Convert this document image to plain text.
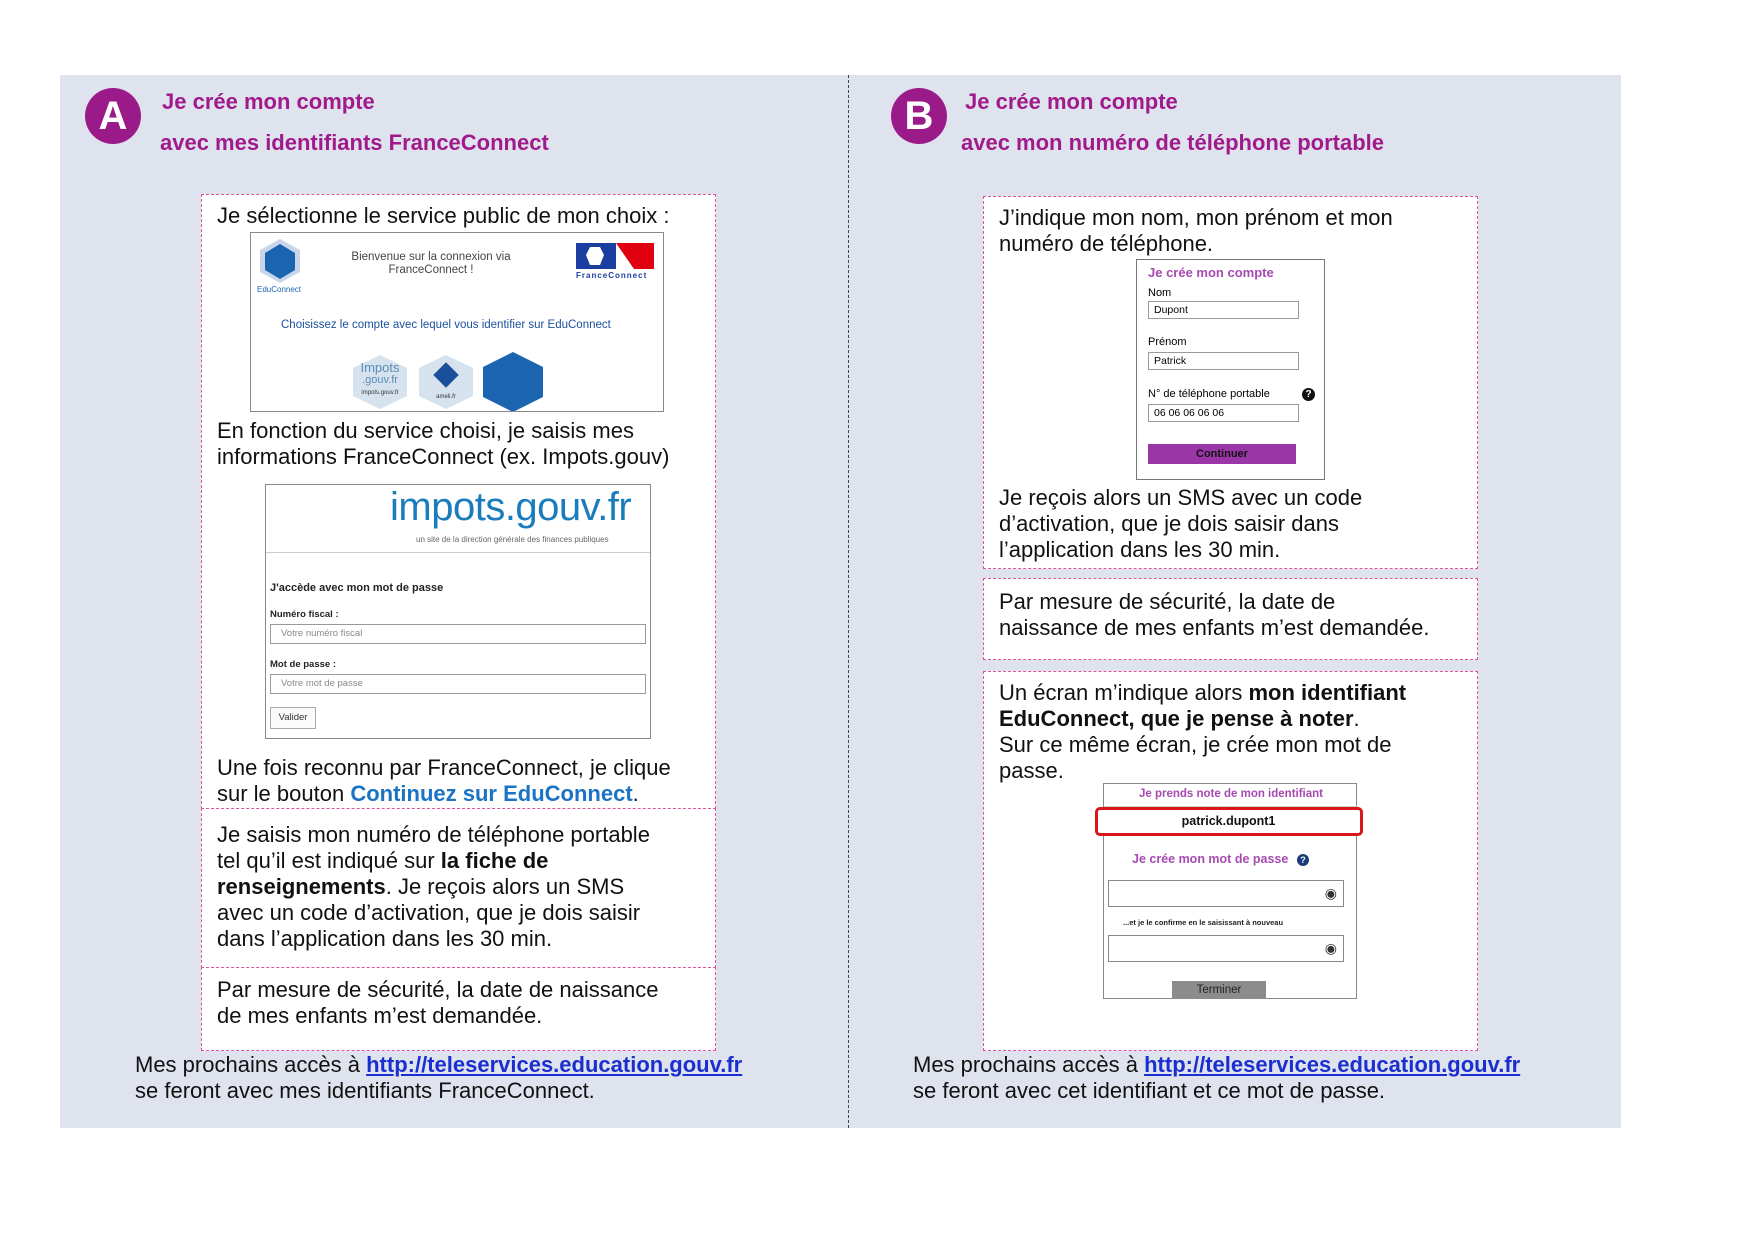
A	Je crée mon compte
avec mes identifiants FranceConnect
Je sélectionne le service public de mon choix :
EduConnect
Bienvenue sur la connexion via FranceConnect !	FranceConnect
Choisissez le compte avec lequel vous identifier sur EduConnect
Impots
.gouv.fr
impots.gouv.fr
ameli.fr
En fonction du service choisi, je saisis mes
informations FranceConnect (ex. Impots.gouv)
impots.gouv.fr
un site de la direction générale des finances publiques
J'accède avec mon mot de passe
Numéro fiscal :
Votre numéro fiscal
Mot de passe :
Votre mot de passe
Valider
Une fois reconnu par FranceConnect, je clique
sur le bouton Continuez sur EduConnect.
Je saisis mon numéro de téléphone portable
tel qu’il est indiqué sur la fiche de
renseignements. Je reçois alors un SMS
avec un code d’activation, que je dois saisir
dans l’application dans les 30 min.
Par mesure de sécurité, la date de naissance
de mes enfants m’est demandée.
Mes prochains accès à http://teleservices.education.gouv.fr
se feront avec mes identifiants FranceConnect.
B	Je crée mon compte
avec mon numéro de téléphone portable
J’indique mon nom, mon prénom et mon
numéro de téléphone.
Je crée mon compte
Nom
Dupont
Prénom
Patrick
N° de téléphone portable	?
06 06 06 06 06
Continuer
Je reçois alors un SMS avec un code
d’activation, que je dois saisir dans
l’application dans les 30 min.
Par mesure de sécurité, la date de
naissance de mes enfants m’est demandée.
Un écran m’indique alors mon identifiant
EduConnect, que je pense à noter.
Sur ce même écran, je crée mon mot de
passe.
Je prends note de mon identifiant
patrick.dupont1
Je crée mon mot de passe	?
◉
...et je le confirme en le saisissant à nouveau
◉
Terminer
Mes prochains accès à http://teleservices.education.gouv.fr
se feront avec cet identifiant et ce mot de passe.
